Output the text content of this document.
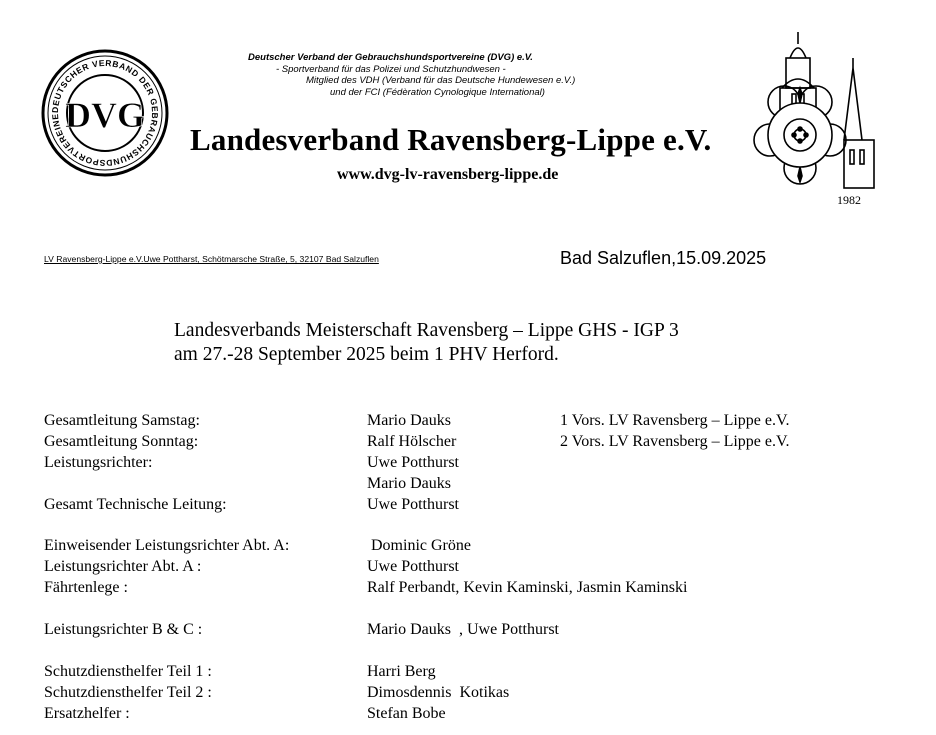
DEUTSCHER VERBAND DER GEBRAUCHSHUNDSPORTVEREINE DVG
Deutscher Verband der Gebrauchshundsportvereine (DVG) e.V.
- Sportverband für das Polizei und Schutzhundwesen -
Mitglied des VDH (Verband für das Deutsche Hundewesen e.V.)
und der FCI (Fédèration Cynologique International)
Landesverband Ravensberg-Lippe e.V.
www.dvg-lv-ravensberg-lippe.de
1982
LV Ravensberg-Lippe e.V.Uwe Pottharst, Schötmarsche Straße, 5, 32107 Bad Salzuflen	Bad Salzuflen,15.09.2025
Landesverbands Meisterschaft Ravensberg – Lippe GHS - IGP 3
am 27.-28 September 2025 beim 1 PHV Herford.
Gesamtleitung Samstag:	Mario Dauks	1 Vors. LV Ravensberg – Lippe e.V.
Gesamtleitung Sonntag:	Ralf Hölscher	2 Vors. LV Ravensberg – Lippe e.V.
Leistungsrichter:	Uwe Potthurst
Mario Dauks
Gesamt Technische Leitung:	Uwe Potthurst
Einweisender Leistungsrichter Abt. A:	Dominic Gröne
Leistungsrichter Abt. A :	Uwe Potthurst
Fährtenlege :	Ralf Perbandt, Kevin Kaminski, Jasmin Kaminski
Leistungsrichter B & C :	Mario Dauks  , Uwe Potthurst
Schutzdiensthelfer Teil 1 :	Harri Berg
Schutzdiensthelfer Teil 2 :	Dimosdennis  Kotikas
Ersatzhelfer :	Stefan Bobe
